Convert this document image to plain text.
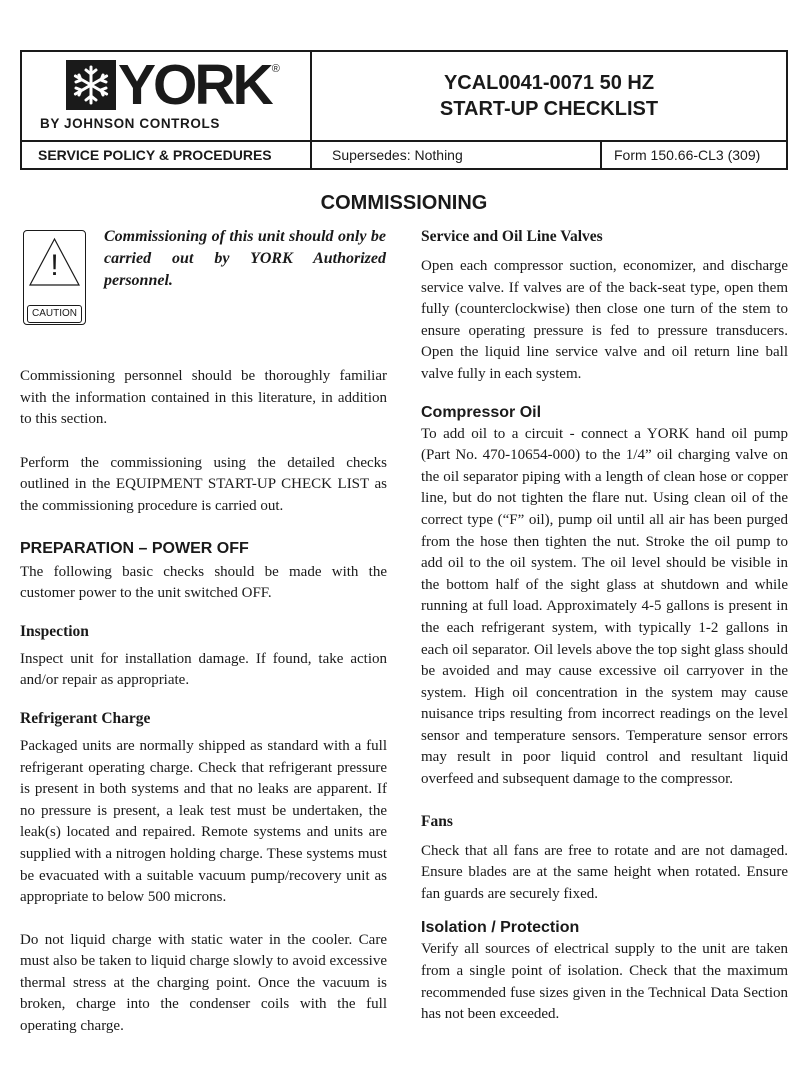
YORK ®
BY JOHNSON CONTROLS
YCAL0041-0071 50 HZ
START-UP CHECKLIST
SERVICE POLICY & PROCEDURES	Supersedes: Nothing	Form 150.66-CL3 (309)
COMMISSIONING
!
CAUTION
Commissioning of this unit should only be carried out by YORK Authorized personnel.

Commissioning personnel should be thoroughly familiar with the information contained in this literature, in addition to this section.

Perform the commissioning using the detailed checks outlined in the EQUIPMENT START-UP CHECK LIST as the commissioning procedure is carried out.

PREPARATION – POWER OFF

The following basic checks should be made with the customer power to the unit switched OFF.

Inspection

Inspect unit for installation damage. If found, take action and/or repair as appropriate.

Refrigerant Charge

Packaged units are normally shipped as standard with a full refrigerant operating charge. Check that refrigerant pressure is present in both systems and that no leaks are apparent. If no pressure is present, a leak test must be undertaken, the leak(s) located and repaired. Remote systems and units are supplied with a nitrogen holding charge. These systems must be evacuated with a suitable vacuum pump/recovery unit as appropriate to below 500 microns.

Do not liquid charge with static water in the cooler. Care must also be taken to liquid charge slowly to avoid excessive thermal stress at the charging point. Once the vacuum is broken, charge into the condenser coils with the full operating charge.

Service and Oil Line Valves

Open each compressor suction, economizer, and discharge service valve. If valves are of the back-seat type, open them fully (counterclockwise) then close one turn of the stem to ensure operating pressure is fed to pressure transducers. Open the liquid line service valve and oil return line ball valve fully in each system.

Compressor Oil

To add oil to a circuit - connect a YORK hand oil pump (Part No. 470-10654-000) to the 1/4” oil charging valve on the oil separator piping with a length of clean hose or copper line, but do not tighten the flare nut. Using clean oil of the correct type (“F” oil), pump oil until all air has been purged from the hose then tighten the nut. Stroke the oil pump to add oil to the oil system. The oil level should be visible in the bottom half of the sight glass at shutdown and while running at full load. Approximately 4-5 gallons is present in the each refrigerant system, with typically 1-2 gallons in each oil separator. Oil levels above the top sight glass should be avoided and may cause excessive oil carryover in the system. High oil concentration in the system may cause nuisance trips resulting from incorrect readings on the level sensor and temperature sensors. Temperature sensor errors may result in poor liquid control and resultant liquid overfeed and subsequent damage to the compressor.

Fans

Check that all fans are free to rotate and are not damaged. Ensure blades are at the same height when rotated. Ensure fan guards are securely fixed.

Isolation / Protection

Verify all sources of electrical supply to the unit are taken from a single point of isolation. Check that the maximum recommended fuse sizes given in the Technical Data Section has not been exceeded.
